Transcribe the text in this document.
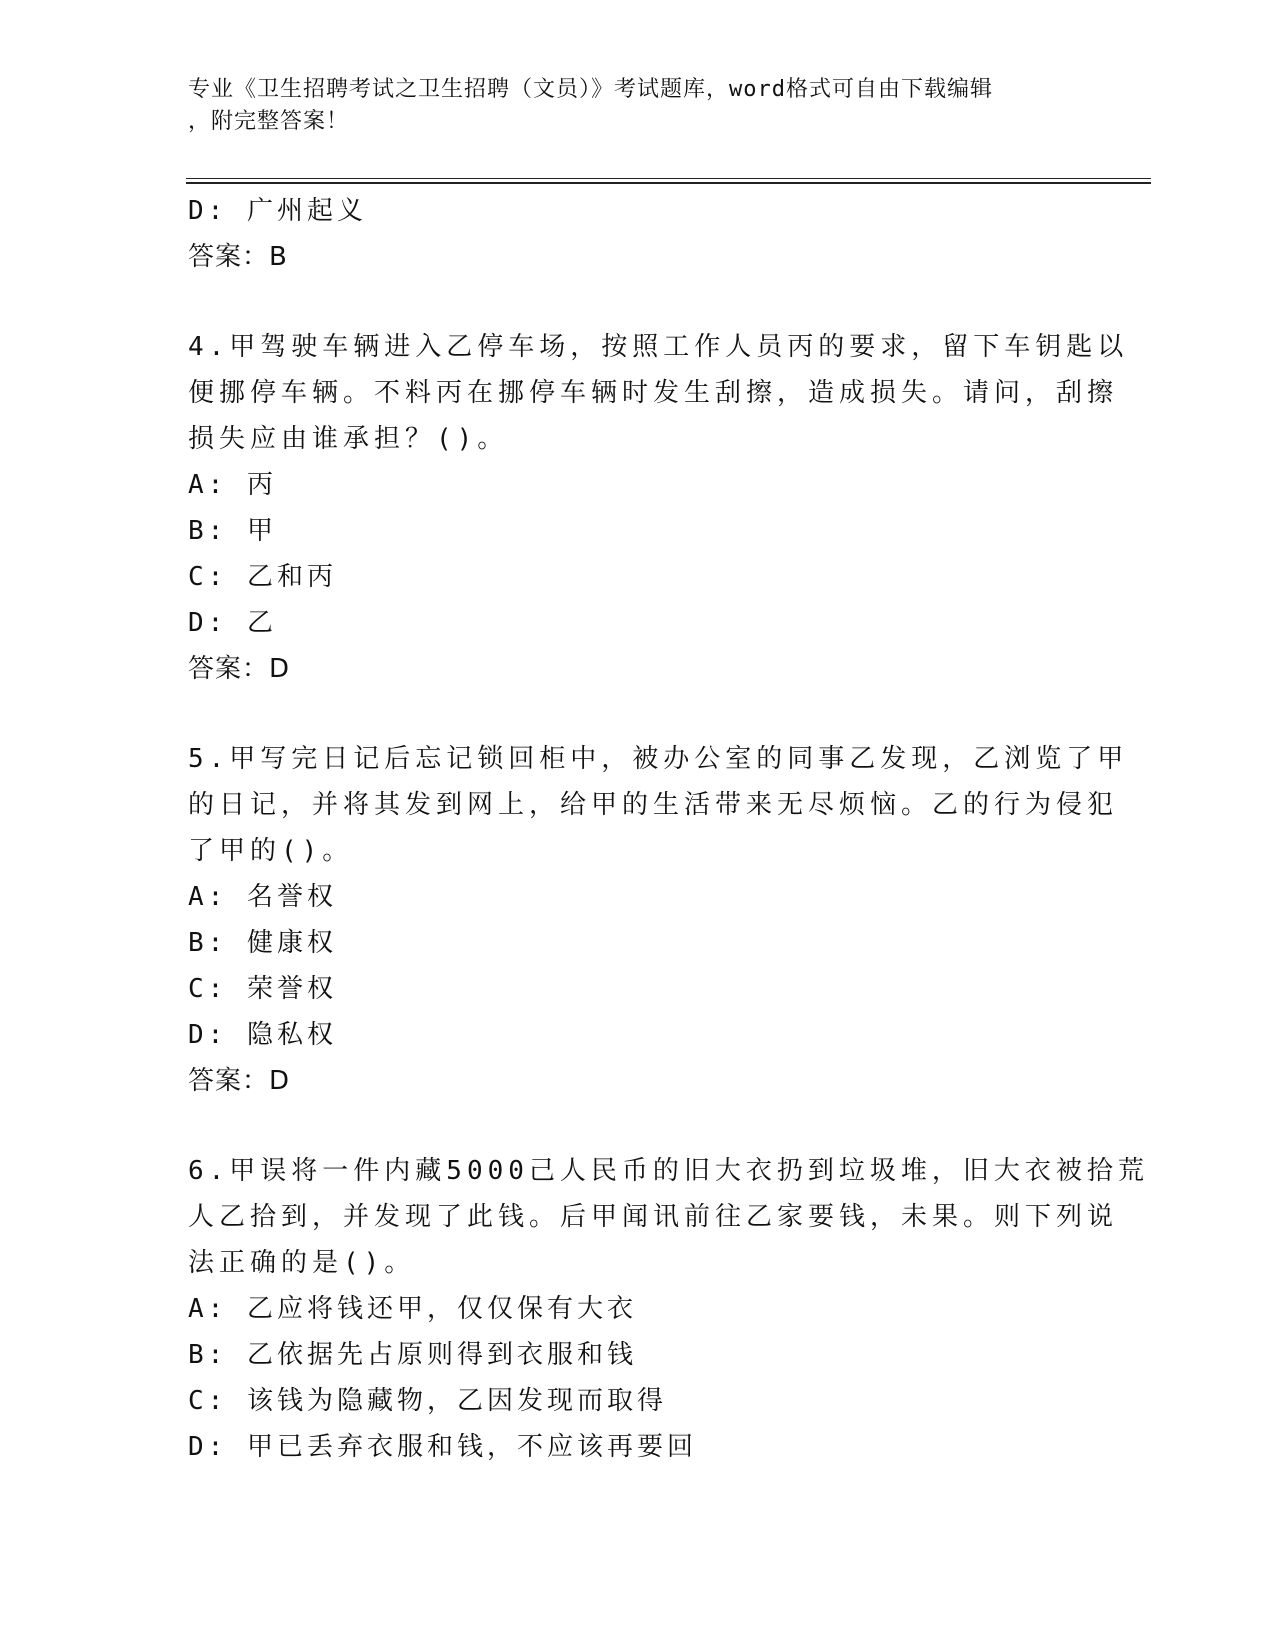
专业《卫生招聘考试之卫生招聘（文员）》考试题库，word格式可自由下载编辑
，附完整答案！
D: 广州起义
答案：B
4.甲驾驶车辆进入乙停车场，按照工作人员丙的要求，留下车钥匙以
便挪停车辆。不料丙在挪停车辆时发生刮擦，造成损失。请问，刮擦
损失应由谁承担？()。
A: 丙
B: 甲
C: 乙和丙
D: 乙
答案：D
5.甲写完日记后忘记锁回柜中，被办公室的同事乙发现，乙浏览了甲
的日记，并将其发到网上，给甲的生活带来无尽烦恼。乙的行为侵犯
了甲的()。
A: 名誉权
B: 健康权
C: 荣誉权
D: 隐私权
答案：D
6.甲误将一件内藏5000己人民币的旧大衣扔到垃圾堆，旧大衣被拾荒
人乙拾到，并发现了此钱。后甲闻讯前往乙家要钱，未果。则下列说
法正确的是()。
A: 乙应将钱还甲，仅仅保有大衣
B: 乙依据先占原则得到衣服和钱
C: 该钱为隐藏物，乙因发现而取得
D: 甲已丢弃衣服和钱，不应该再要回
